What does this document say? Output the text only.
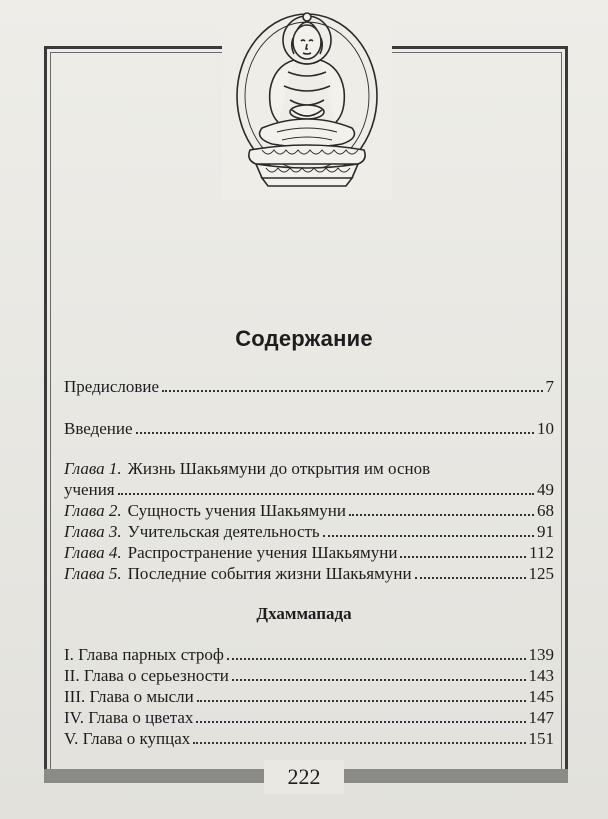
Содержание
Предисловие	7
Введение	10
Глава 1. Жизнь Шакьямуни до открытия им основ
учения	49
Глава 2. Сущность учения Шакьямуни	68
Глава 3. Учительская деятельность	91
Глава 4. Распространение учения Шакьямуни	112
Глава 5. Последние события жизни Шакьямуни	125
Дхаммапада
I. Глава парных строф	139
II. Глава о серьезности	143
III. Глава о мысли	145
IV. Глава о цветах	147
V. Глава о купцах	151
222
